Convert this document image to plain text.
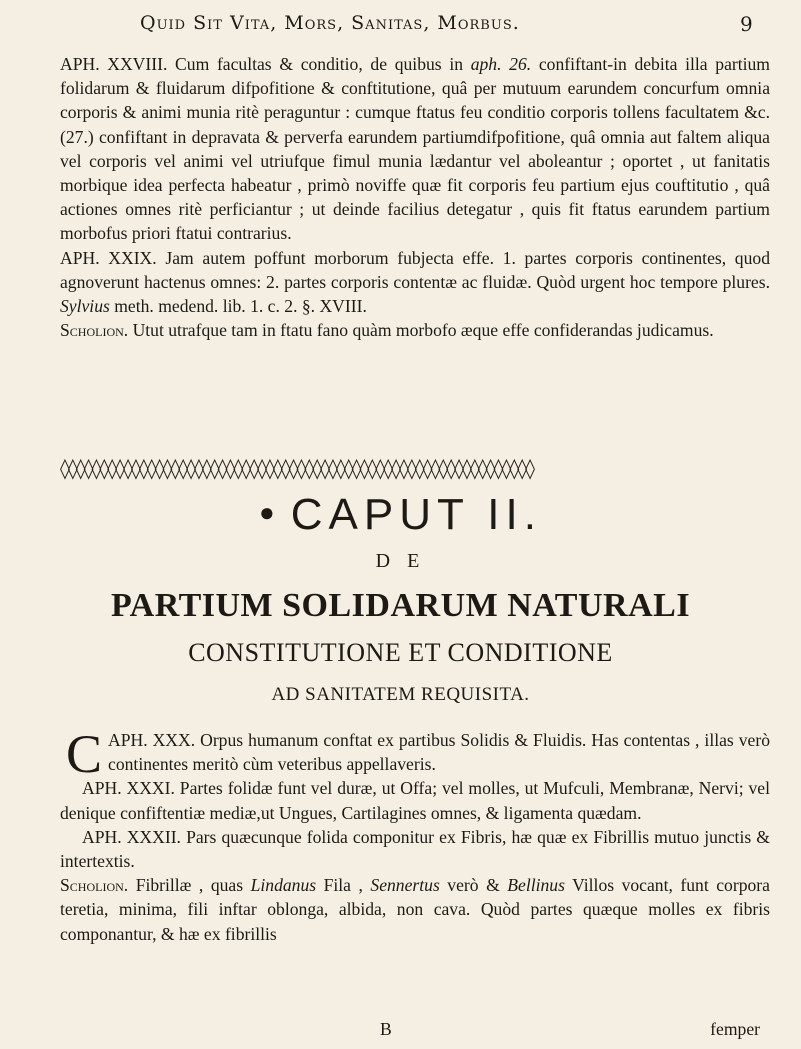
Quid Sit Vita, Mors, Sanitas, Morbus.	9

APH. XXVIII. Cum facultas & conditio, de quibus in aph. 26. confiftant-in debita illa partium folidarum & fluidarum difpofitione & conftitutione, quâ per mutuum earundem concurfum omnia corporis & animi munia ritè peraguntur : cumque ftatus feu conditio corporis tollens facultatem &c. (27.) confiftant in depravata & perverfa earundem partiumdifpofitione, quâ omnia aut faltem aliqua vel corporis vel animi vel utriufque fimul munia lædantur vel aboleantur ; oportet , ut fanitatis morbique idea perfecta habeatur , primò noviffe quæ fit corporis feu partium ejus couftitutio , quâ actiones omnes ritè perficiantur ; ut deinde facilius detegatur , quis fit ftatus earundem partium morbofus priori ftatui contrarius.

APH. XXIX. Jam autem poffunt morborum fubjecta effe. 1. partes corporis continentes, quod agnoverunt hactenus omnes: 2. partes corporis contentæ ac fluidæ. Quòd urgent hoc tempore plures. Sylvius meth. medend. lib. 1. c. 2. §. XVIII.

Scholion. Utut utrafque tam in ftatu fano quàm morbofo æque effe confiderandas judicamus.

◊◊◊◊◊◊◊◊◊◊◊◊◊◊◊◊◊◊◊◊◊◊◊◊◊◊◊◊◊◊◊◊◊◊◊◊◊◊◊◊◊◊◊◊◊◊◊◊◊◊◊◊◊◊◊◊◊◊◊◊
● CAPUT II.
D E
PARTIUM SOLIDARUM NATURALI
CONSTITUTIONE ET CONDITIONE
AD SANITATEM REQUISITA.

APH. XXX.
C	Orpus humanum conftat ex partibus Solidis & Fluidis. Has contentas , illas verò continentes meritò cùm veteribus appellaveris.

APH. XXXI. Partes folidæ funt vel duræ, ut Offa; vel molles, ut Mufculi, Membranæ, Nervi; vel denique confiftentiæ mediæ,ut Ungues, Cartilagines omnes, & ligamenta quædam.

APH. XXXII. Pars quæcunque folida componitur ex Fibris, hæ quæ ex Fibrillis mutuo junctis & intertextis.

Scholion. Fibrillæ , quas Lindanus Fila , Sennertus verò & Bellinus Villos vocant, funt corpora teretia, minima, fili inftar oblonga, albida, non cava. Quòd partes quæque molles ex fibris componantur, & hæ ex fibrillis

B	femper
